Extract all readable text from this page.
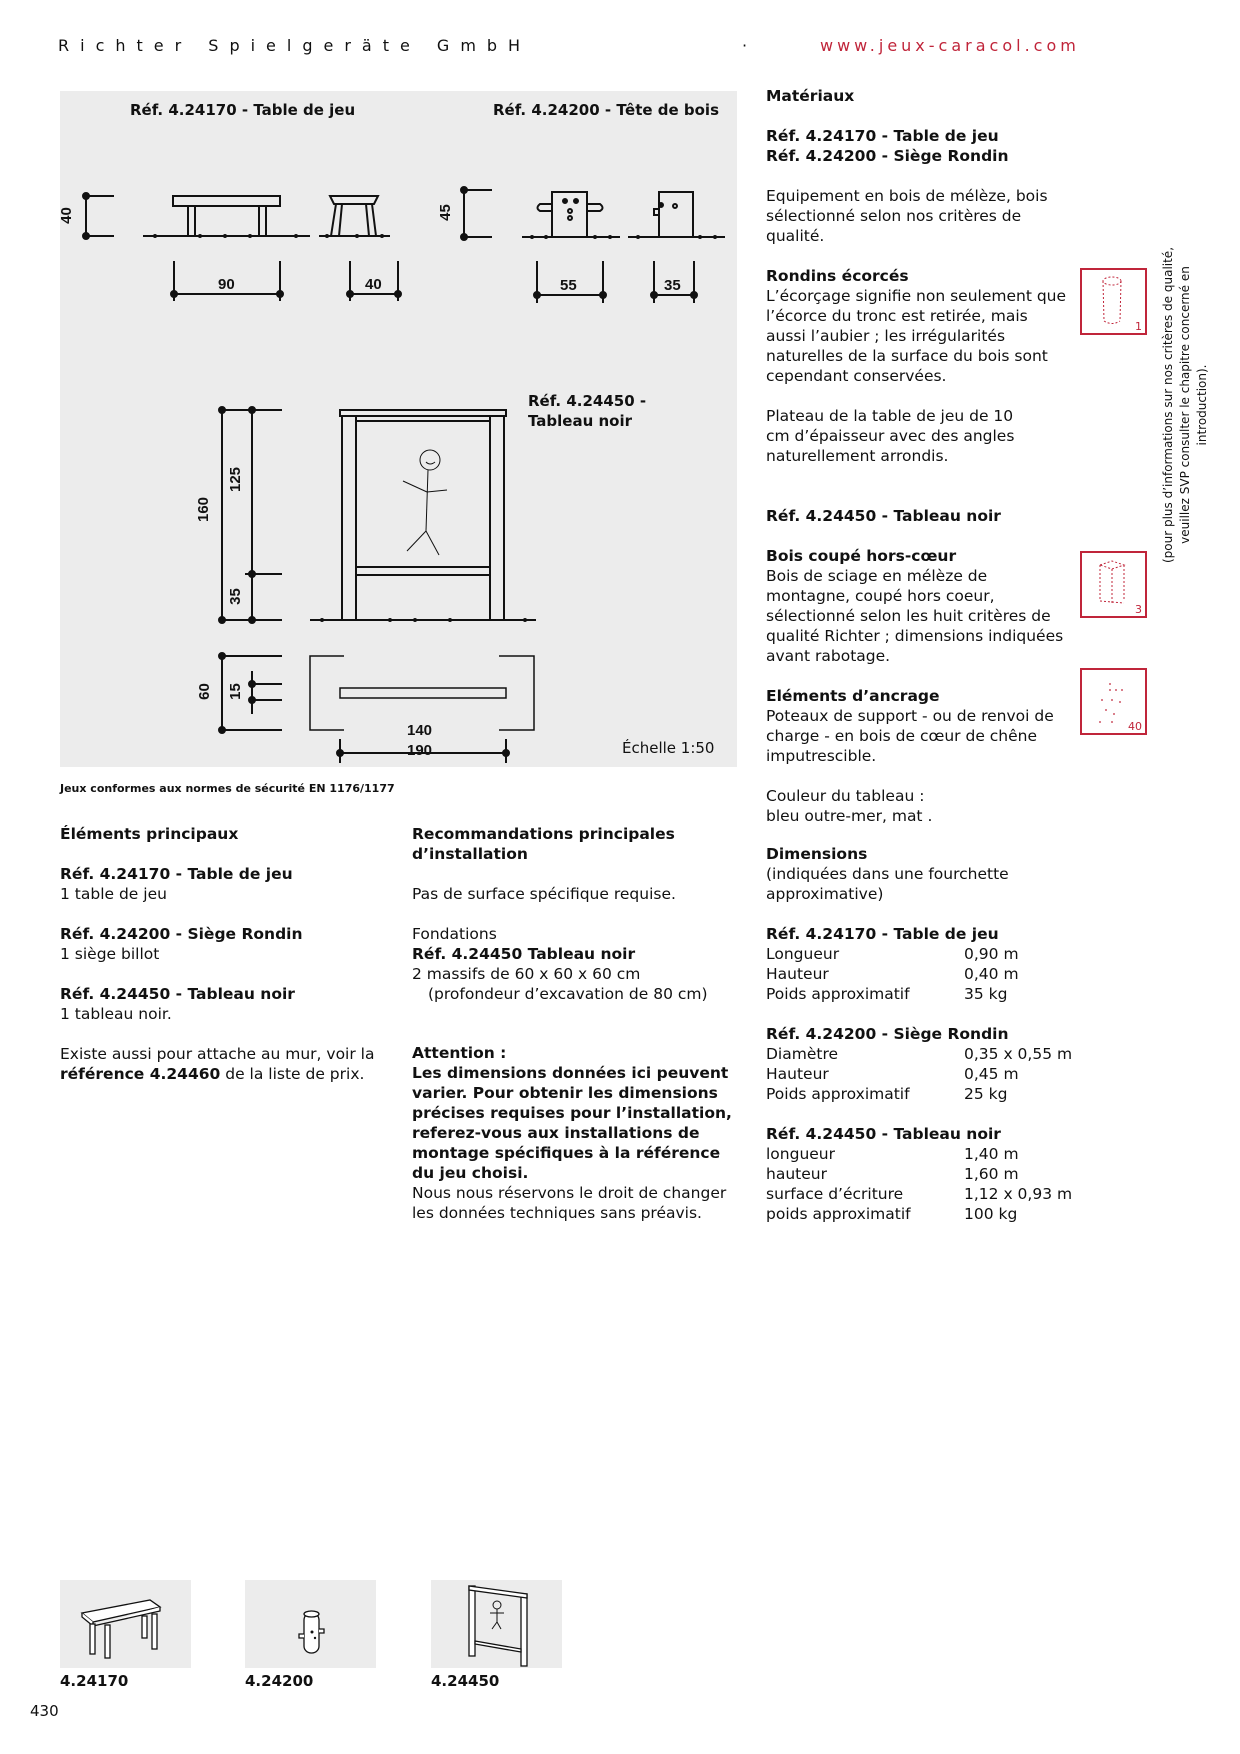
Richter Spielgeräte GmbH	·	www.jeux-caracol.com
Réf. 4.24170 - Table de jeu	Réf. 4.24200 - Tête de bois
Réf. 4.24450 -
Tableau noir
40
90	40
45
55	35
160
125
35
60 15
140
190	Échelle 1:50
Jeux conformes aux normes de sécurité EN 1176/1177

Éléments principaux

Réf. 4.24170 - Table de jeu

1 table de jeu

Réf. 4.24200 - Siège Rondin

1 siège billot

Réf. 4.24450 - Tableau noir

1 tableau noir.

Existe aussi pour attache au mur, voir la
référence 4.24460 de la liste de prix.

Recommandations principales

d’installation

Pas de surface spécifique requise.

Fondations

Réf. 4.24450 Tableau noir

2 massifs de 60 x 60 x 60 cm

(profondeur d’excavation de 80 cm)

Attention :

Les dimensions données ici peuvent varier. Pour obtenir les dimensions précises requises pour l’installation, referez-vous aux installations de montage spécifiques à la référence du jeu choisi.

Nous nous réservons le droit de changer les données techniques sans préavis.

Matériaux

Réf. 4.24170 - Table de jeu

Réf. 4.24200 - Siège Rondin

Equipement en bois de mélèze, bois sélectionné selon nos critères de qualité.

Rondins écorcés

L’écorçage signifie non seulement que l’écorce du tronc est retirée, mais aussi l’aubier ; les irrégularités naturelles de la surface du bois sont cependant conservées.

Plateau de la table de jeu de 10 cm d’épaisseur avec des angles naturellement arrondis.

Réf. 4.24450 - Tableau noir

Bois coupé hors-cœur

Bois de sciage en mélèze de montagne, coupé hors coeur, sélectionné selon les huit critères de qualité Richter ; dimensions indiquées avant rabotage.

Eléments d’ancrage

Poteaux de support - ou de renvoi de charge - en bois de cœur de chêne imputrescible.

Couleur du tableau :

bleu outre-mer, mat .

Dimensions

(indiquées dans une fourchette approximative)

Réf. 4.24170 - Table de jeu

Longueur	0,90 m
Hauteur	0,40 m
Poids approximatif	35 kg

Réf. 4.24200 - Siège Rondin

Diamètre	0,35 x 0,55 m
Hauteur	0,45 m
Poids approximatif	25 kg

Réf. 4.24450 - Tableau noir

longueur	1,40 m
hauteur	1,60 m
surface d’écriture	1,12 x 0,93 m
poids approximatif	100 kg
1
3
40
(pour plus d’informations sur nos critères de qualité, veuillez SVP consulter le chapitre concerné en introduction).
4.24170	4.24200	4.24450
430
